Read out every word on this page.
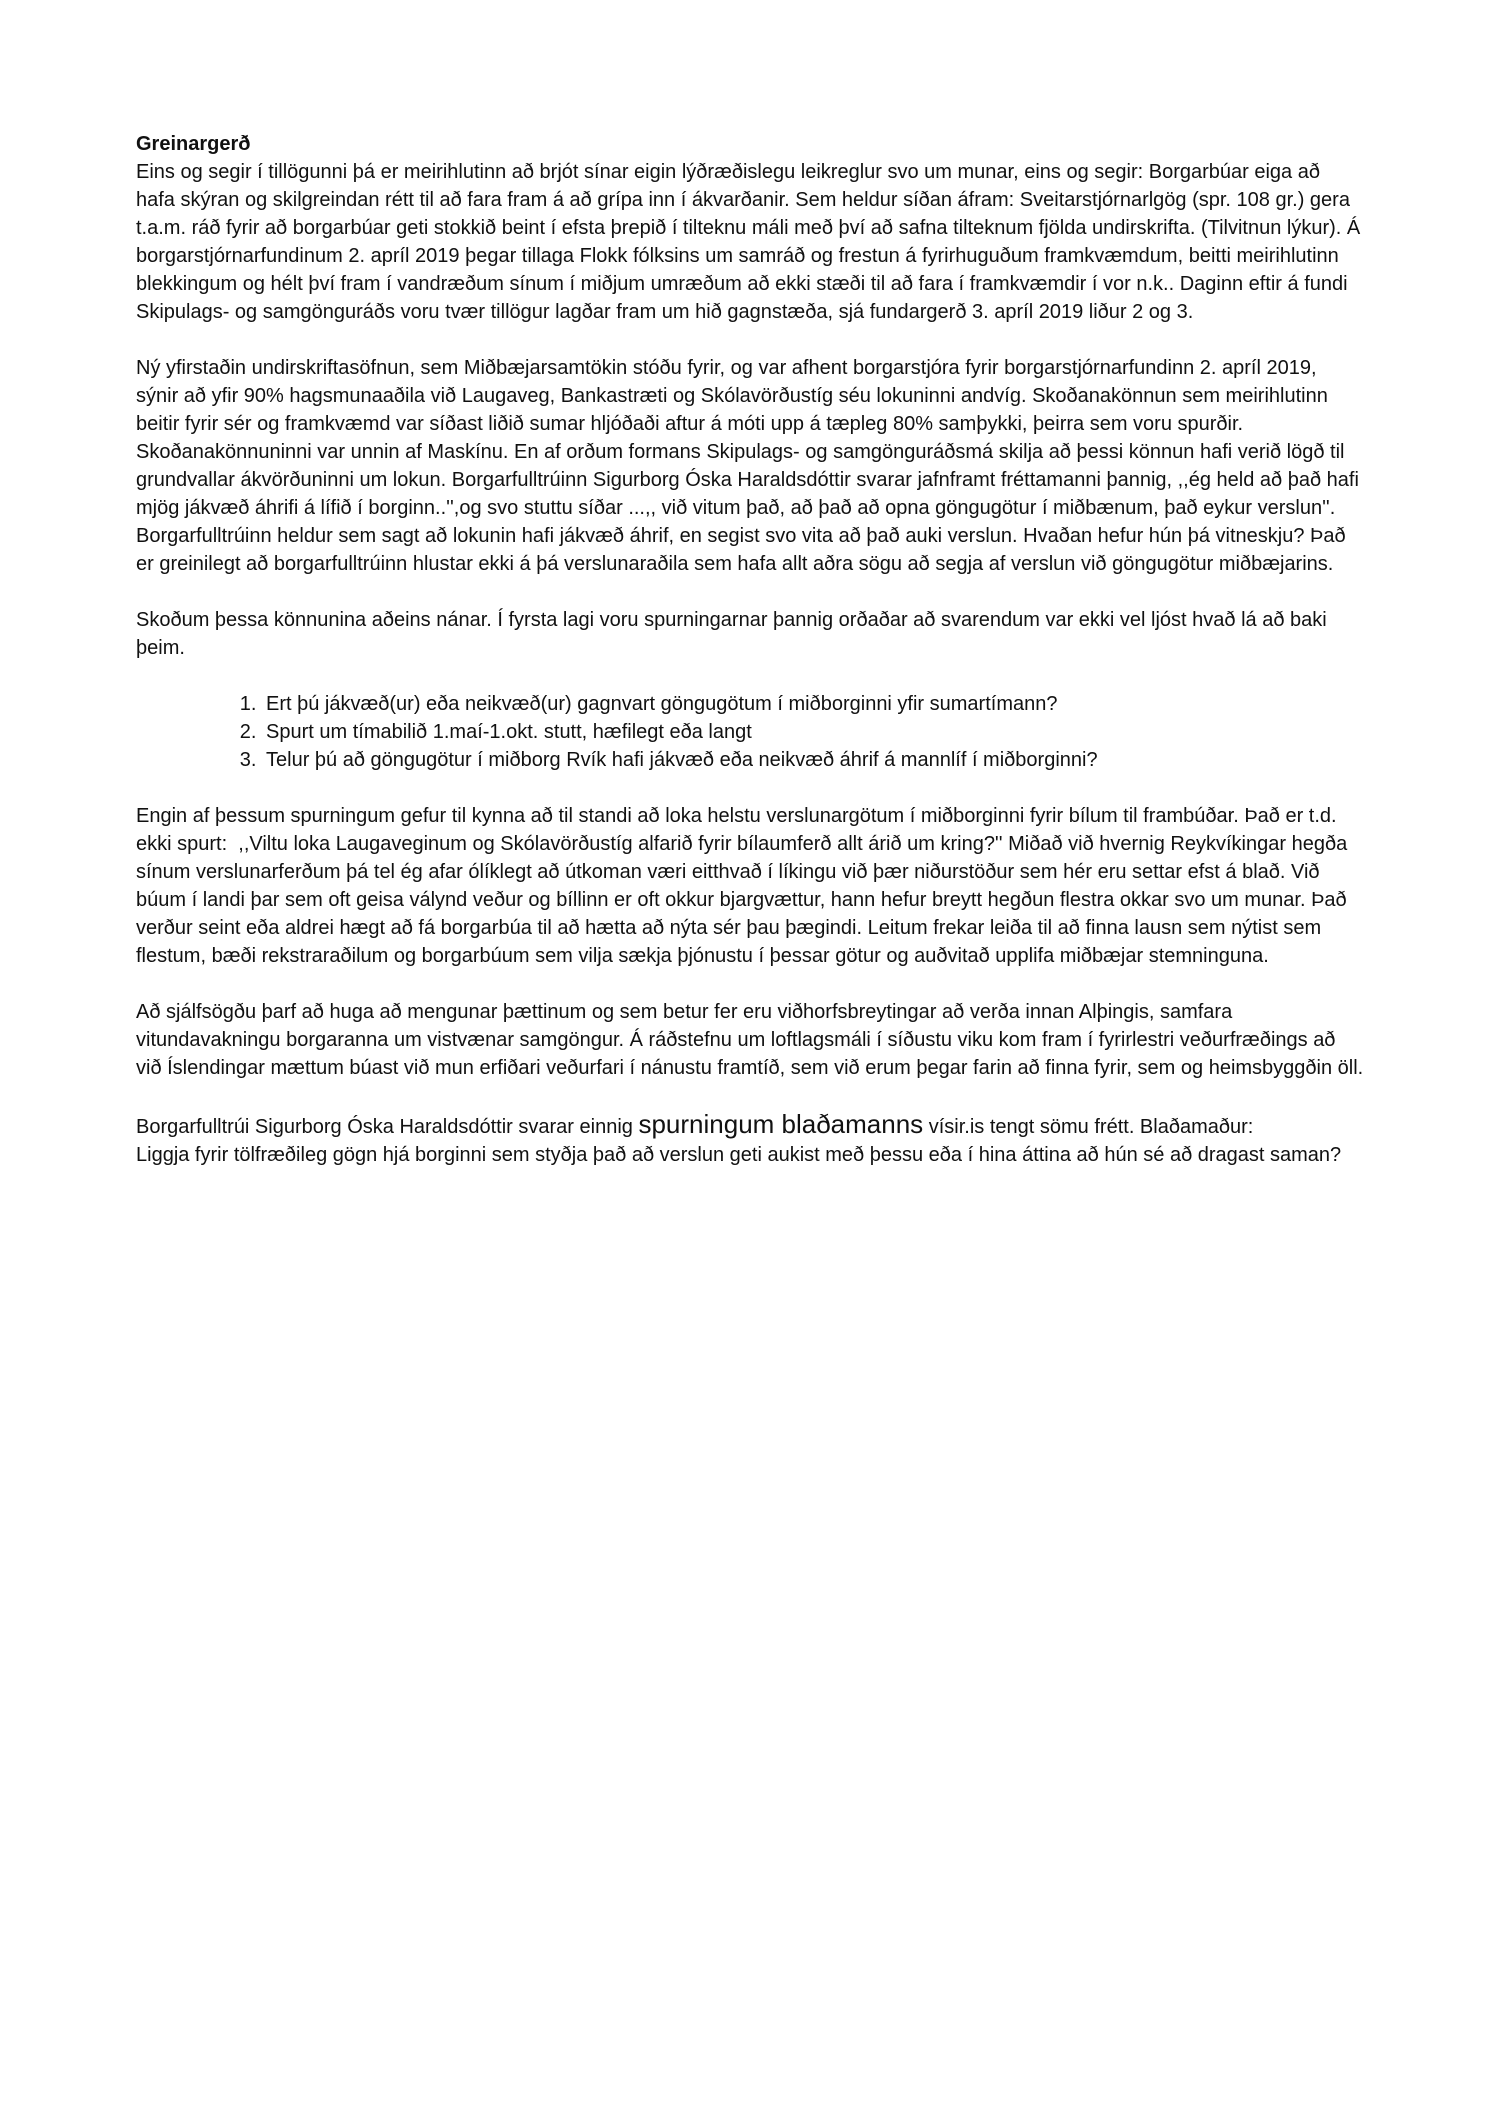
Greinargerð

Eins og segir í tillögunni þá er meirihlutinn að brjót sínar eigin lýðræðislegu leikreglur svo um munar, eins og segir: Borgarbúar eiga að hafa skýran og skilgreindan rétt til að fara fram á að grípa inn í ákvarðanir. Sem heldur síðan áfram: Sveitarstjórnarlgög (spr. 108 gr.) gera t.a.m. ráð fyrir að borgarbúar geti stokkið beint í efsta þrepið í tilteknu máli með því að safna tilteknum fjölda undirskrifta. (Tilvitnun lýkur). Á borgarstjórnarfundinum 2. apríl 2019 þegar tillaga Flokk fólksins um samráð og frestun á fyrirhuguðum framkvæmdum, beitti meirihlutinn blekkingum og hélt því fram í vandræðum sínum í miðjum umræðum að ekki stæði til að fara í framkvæmdir í vor n.k.. Daginn eftir á fundi Skipulags- og samgönguráðs voru tvær tillögur lagðar fram um hið gagnstæða, sjá fundargerð 3. apríl 2019 liður 2 og 3.

Ný yfirstaðin undirskriftasöfnun, sem Miðbæjarsamtökin stóðu fyrir, og var afhent borgarstjóra fyrir borgarstjórnarfundinn 2. apríl 2019, sýnir að yfir 90% hagsmunaaðila við Laugaveg, Bankastræti og Skólavörðustíg séu lokuninni andvíg. Skoðanakönnun sem meirihlutinn beitir fyrir sér og framkvæmd var síðast liðið sumar hljóðaði aftur á móti upp á tæpleg 80% samþykki, þeirra sem voru spurðir. Skoðanakönnuninni var unnin af Maskínu. En af orðum formans Skipulags- og samgönguráðsmá skilja að þessi könnun hafi verið lögð til grundvallar ákvörðuninni um lokun. Borgarfulltrúinn Sigurborg Óska Haraldsdóttir svarar jafnframt fréttamanni þannig, ,,ég held að það hafi mjög jákvæð áhrifi á lífið í borginn..'',og svo stuttu síðar ...,, við vitum það, að það að opna göngugötur í miðbænum, það eykur verslun''. Borgarfulltrúinn heldur sem sagt að lokunin hafi jákvæð áhrif, en segist svo vita að það auki verslun. Hvaðan hefur hún þá vitneskju? Það er greinilegt að borgarfulltrúinn hlustar ekki á þá verslunaraðila sem hafa allt aðra sögu að segja af verslun við göngugötur miðbæjarins.

Skoðum þessa könnunina aðeins nánar. Í fyrsta lagi voru spurningarnar þannig orðaðar að svarendum var ekki vel ljóst hvað lá að baki þeim.

1. Ert þú jákvæð(ur) eða neikvæð(ur) gagnvart göngugötum í miðborginni yfir sumartímann?
2. Spurt um tímabilið 1.maí-1.okt. stutt, hæfilegt eða langt
3. Telur þú að göngugötur í miðborg Rvík hafi jákvæð eða neikvæð áhrif á mannlíf í miðborginni?

Engin af þessum spurningum gefur til kynna að til standi að loka helstu verslunargötum í miðborginni fyrir bílum til frambúðar. Það er t.d. ekki spurt:  ,,Viltu loka Laugaveginum og Skólavörðustíg alfarið fyrir bílaumferð allt árið um kring?'' Miðað við hvernig Reykvíkingar hegða sínum verslunarferðum þá tel ég afar ólíklegt að útkoman væri eitthvað í líkingu við þær niðurstöður sem hér eru settar efst á blað. Við búum í landi þar sem oft geisa válynd veður og bíllinn er oft okkur bjargvættur, hann hefur breytt hegðun flestra okkar svo um munar. Það verður seint eða aldrei hægt að fá borgarbúa til að hætta að nýta sér þau þægindi. Leitum frekar leiða til að finna lausn sem nýtist sem flestum, bæði rekstraraðilum og borgarbúum sem vilja sækja þjónustu í þessar götur og auðvitað upplifa miðbæjar stemninguna.

Að sjálfsögðu þarf að huga að mengunar þættinum og sem betur fer eru viðhorfsbreytingar að verða innan Alþingis, samfara vitundavakningu borgaranna um vistvænar samgöngur. Á ráðstefnu um loftlagsmáli í síðustu viku kom fram í fyrirlestri veðurfræðings að við Íslendingar mættum búast við mun erfiðari veðurfari í nánustu framtíð, sem við erum þegar farin að finna fyrir, sem og heimsbyggðin öll.

Borgarfulltrúi Sigurborg Óska Haraldsdóttir svarar einnig spurningum blaðamanns vísir.is tengt sömu frétt. Blaðamaður:
Liggja fyrir tölfræðileg gögn hjá borginni sem styðja það að verslun geti aukist með þessu eða í hina áttina að hún sé að dragast saman?
